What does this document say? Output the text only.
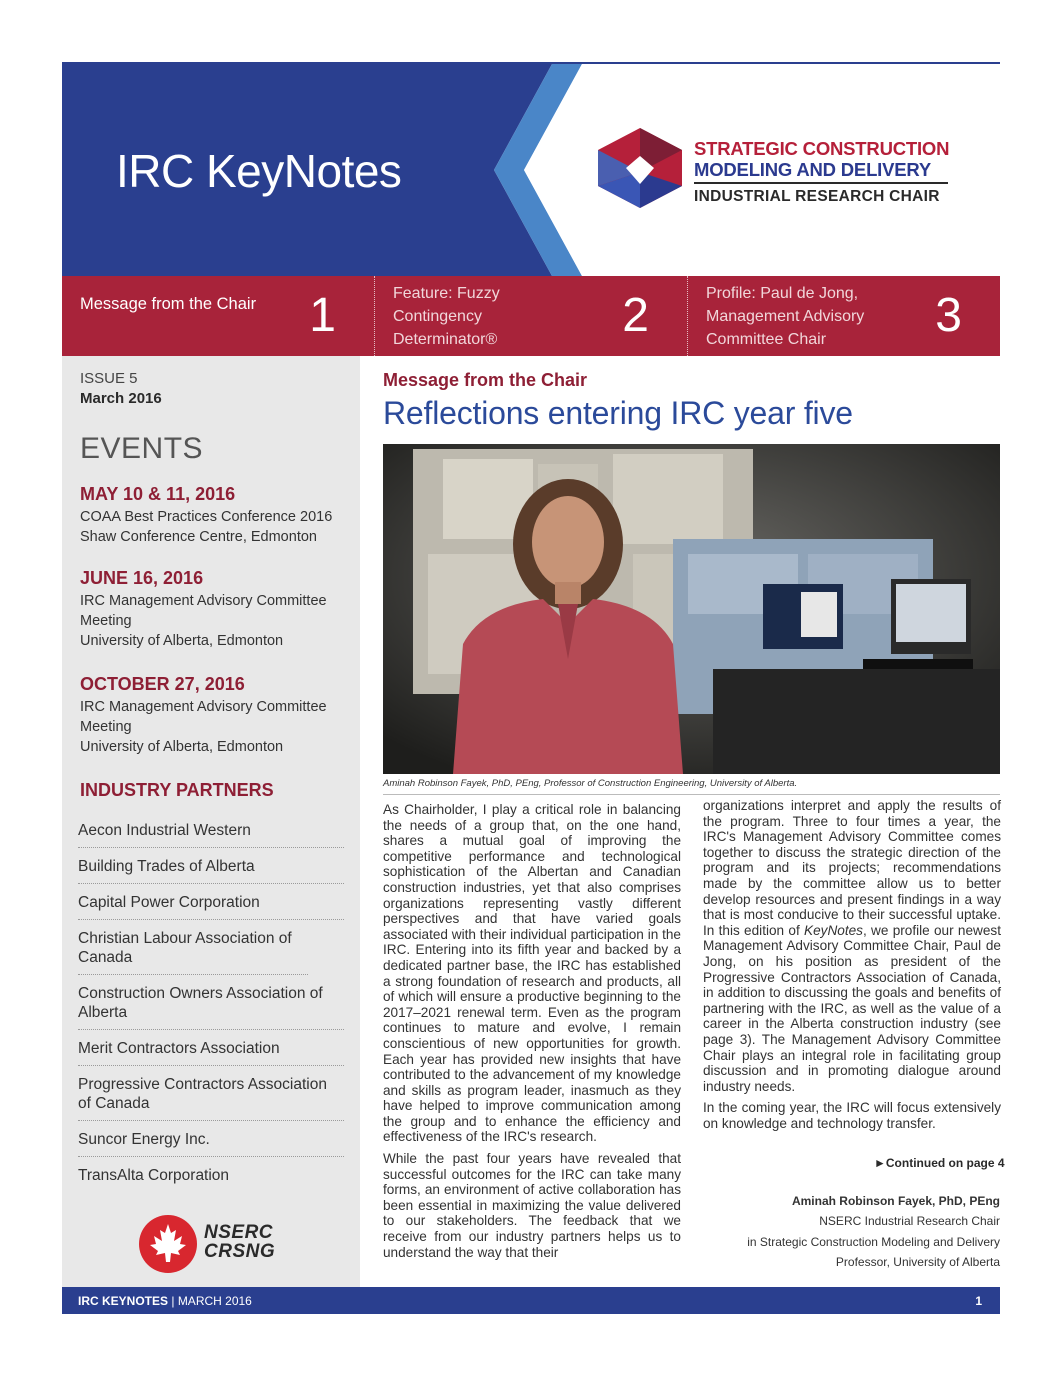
IRC KeyNotes	STRATEGIC CONSTRUCTION
MODELING AND DELIVERY
INDUSTRIAL RESEARCH CHAIR
Message from the Chair 1	Feature: Fuzzy Contingency Determinator®	2	Profile: Paul de Jong, Management Advisory Committee Chair	3
ISSUE 5
March 2016
EVENTS
MAY 10 & 11, 2016
COAA Best Practices Conference 2016
Shaw Conference Centre, Edmonton
JUNE 16, 2016
IRC Management Advisory Committee
Meeting
University of Alberta, Edmonton
OCTOBER 27, 2016
IRC Management Advisory Committee
Meeting
University of Alberta, Edmonton
INDUSTRY PARTNERS
Aecon Industrial Western
Building Trades of Alberta
Capital Power Corporation
Christian Labour Association of Canada
Construction Owners Association of Alberta
Merit Contractors Association
Progressive Contractors Association of Canada
Suncor Energy Inc.
TransAlta Corporation
NSERC
CRSNG
Message from the Chair
Reflections entering IRC year five
Aminah Robinson Fayek, PhD, PEng, Professor of Construction Engineering, University of Alberta.

As Chairholder, I play a critical role in balancing the needs of a group that, on the one hand, shares a mutual goal of improving the competitive performance and technological sophistication of the Albertan and Canadian construction industries, yet that also comprises organizations representing vastly different perspectives and that have varied goals associated with their individual participation in the IRC. Entering into its fifth year and backed by a dedicated partner base, the IRC has established a strong foundation of research and products, all of which will ensure a productive beginning to the 2017–2021 renewal term. Even as the program continues to mature and evolve, I remain conscientious of new opportunities for growth. Each year has provided new insights that have contributed to the advancement of my knowledge and skills as program leader, inasmuch as they have helped to improve communication among the group and to enhance the efficiency and effectiveness of the IRC's research.

While the past four years have revealed that successful outcomes for the IRC can take many forms, an environment of active collaboration has been essential in maximizing the value delivered to our stakeholders. The feedback that we receive from our industry partners helps us to understand the way that their

organizations interpret and apply the results of the program. Three to four times a year, the IRC's Management Advisory Committee comes together to discuss the strategic direction of the program and its projects; recommendations made by the committee allow us to better develop resources and present findings in a way that is most conducive to their successful uptake. In this edition of KeyNotes, we profile our newest Management Advisory Committee Chair, Paul de Jong, on his position as president of the Progressive Contractors Association of Canada, in addition to discussing the goals and benefits of partnering with the IRC, as well as the value of a career in the Alberta construction industry (see page 3). The Management Advisory Committee Chair plays an integral role in facilitating group discussion and in promoting dialogue around industry needs.

In the coming year, the IRC will focus extensively on knowledge and technology transfer.

►Continued on page 4
Aminah Robinson Fayek, PhD, PEng
NSERC Industrial Research Chair
in Strategic Construction Modeling and Delivery
Professor, University of Alberta
IRC KEYNOTES | MARCH 2016	1
